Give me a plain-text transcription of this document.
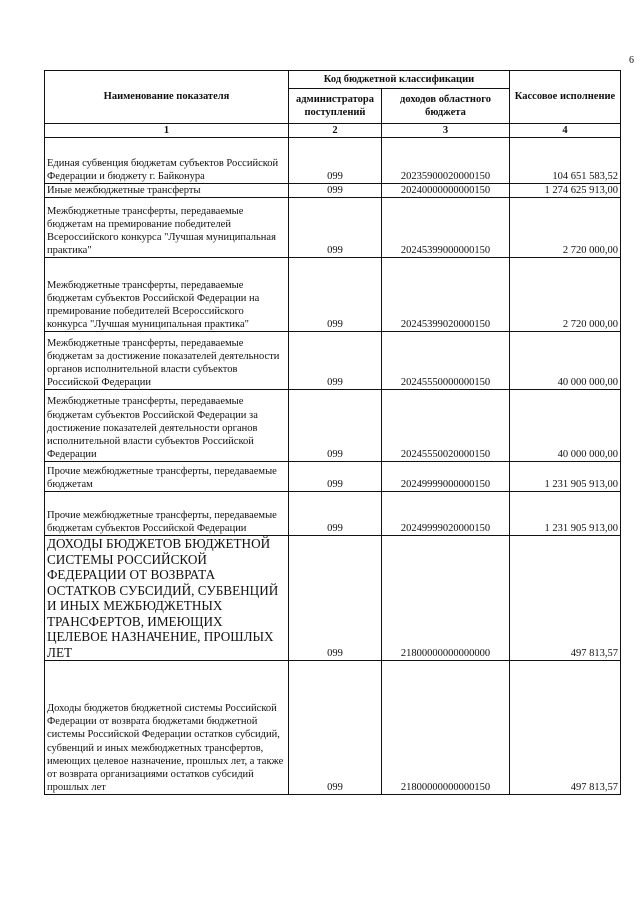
6
Наименование показателя	Код бюджетной классификации		Кассовое исполнение
	администратора поступлений	доходов областного бюджета	
1	2	3	4
Единая субвенция бюджетам субъектов Российской Федерации и бюджету г. Байконура	099	20235900020000150	104 651 583,52
Иные межбюджетные трансферты	099	20240000000000150	1 274 625 913,00
Межбюджетные трансферты, передаваемые бюджетам на премирование победителей Всероссийского конкурса "Лучшая муниципальная практика"	099	20245399000000150	2 720 000,00
Межбюджетные трансферты, передаваемые бюджетам субъектов Российской Федерации на премирование победителей Всероссийского конкурса "Лучшая муниципальная практика"	099	20245399020000150	2 720 000,00
Межбюджетные трансферты, передаваемые бюджетам за достижение показателей деятельности органов исполнительной власти субъектов Российской Федерации	099	20245550000000150	40 000 000,00
Межбюджетные трансферты, передаваемые бюджетам субъектов Российской Федерации за достижение показателей деятельности органов исполнительной власти субъектов Российской Федерации	099	20245550020000150	40 000 000,00
Прочие межбюджетные трансферты, передаваемые бюджетам	099	20249999000000150	1 231 905 913,00
Прочие межбюджетные трансферты, передаваемые бюджетам субъектов Российской Федерации	099	20249999020000150	1 231 905 913,00
ДОХОДЫ БЮДЖЕТОВ БЮДЖЕТНОЙ СИСТЕМЫ РОССИЙСКОЙ ФЕДЕРАЦИИ ОТ ВОЗВРАТА ОСТАТКОВ СУБСИДИЙ, СУБВЕНЦИЙ И ИНЫХ МЕЖБЮДЖЕТНЫХ ТРАНСФЕРТОВ, ИМЕЮЩИХ ЦЕЛЕВОЕ НАЗНАЧЕНИЕ, ПРОШЛЫХ ЛЕТ	099	21800000000000000	497 813,57
Доходы бюджетов бюджетной системы Российской Федерации от возврата бюджетами бюджетной системы Российской Федерации остатков субсидий, субвенций и иных межбюджетных трансфертов, имеющих целевое назначение, прошлых лет, а также от возврата организациями остатков субсидий прошлых лет	099	21800000000000150	497 813,57
